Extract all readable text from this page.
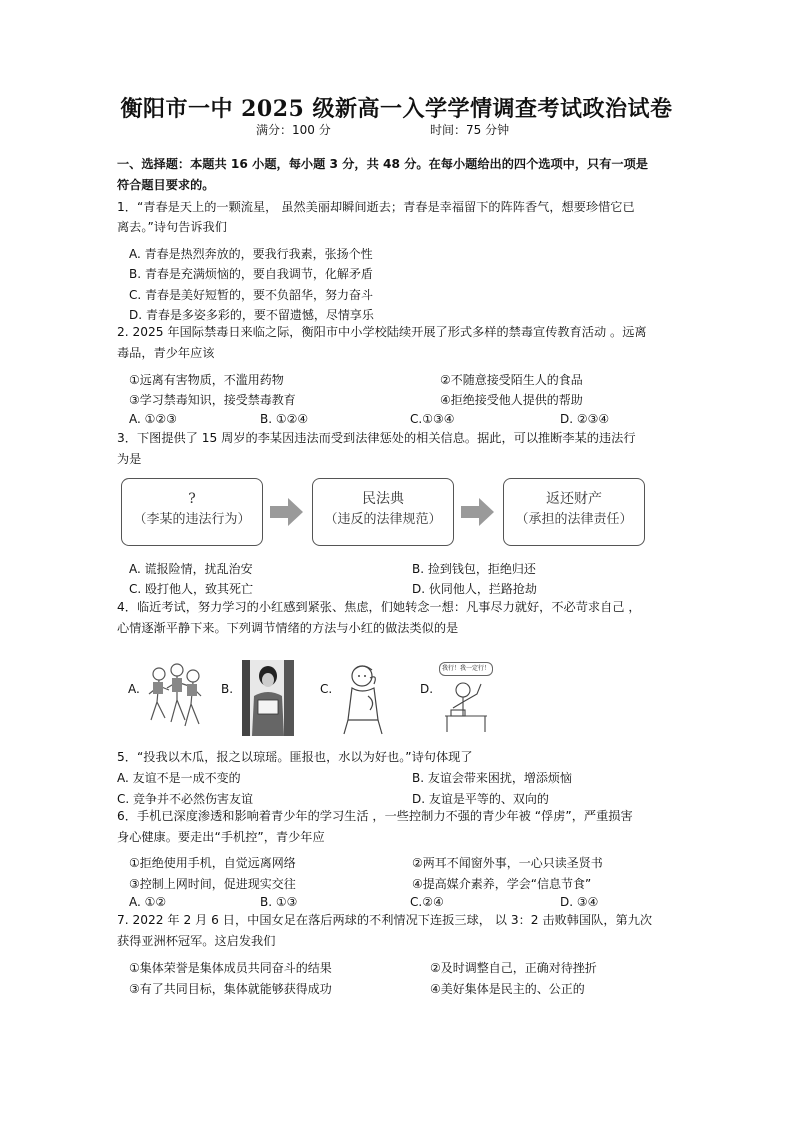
衡阳市一中 2025 级新高一入学学情调查考试政治试卷
满分：100 分	时间：75 分钟
一、选择题：本题共 16 小题，每小题 3 分，共 48 分。在每小题给出的四个选项中，只有一项是
符合题目要求的。
1．“青春是天上的一颗流星， 虽然美丽却瞬间逝去；青春是幸福留下的阵阵香气，想要珍惜它已
离去。”诗句告诉我们
A. 青春是热烈奔放的，要我行我素，张扬个性
B. 青春是充满烦恼的，要自我调节，化解矛盾
C. 青春是美好短暂的，要不负韶华，努力奋斗
D. 青春是多姿多彩的，要不留遗憾，尽情享乐
2. 2025 年国际禁毒日来临之际，衡阳市中小学校陆续开展了形式多样的禁毒宣传教育活动 。远离
毒品，青少年应该
①远离有害物质，不滥用药物	②不随意接受陌生人的食品
③学习禁毒知识，接受禁毒教育	④拒绝接受他人提供的帮助
A. ①②③	B. ①②④	C.①③④	D. ②③④
3．下图提供了 15 周岁的李某因违法而受到法律惩处的相关信息。据此，可以推断李某的违法行
为是
?
（李某的违法行为）
民法典
（违反的法律规范）
返还财产
（承担的法律责任）
A. 谎报险情，扰乱治安	B. 捡到钱包，拒绝归还
C. 殴打他人，致其死亡	D. 伙同他人，拦路抢劫
4．临近考试，努力学习的小红感到紧张、焦虑，们她转念一想：凡事尽力就好，不必苛求自己 ，
心情逐渐平静下来。下列调节情绪的方法与小红的做法类似的是
A.	B.	C.	D.
我行！我一定行！
5．“投我以木瓜，报之以琼瑶。匪报也，水以为好也。”诗句体现了
A. 友谊不是一成不变的	B. 友谊会带来困扰，增添烦恼
C. 竞争并不必然伤害友谊	D. 友谊是平等的、双向的
6．手机已深度渗透和影响着青少年的学习生活 ，一些控制力不强的青少年被 “俘虏”，严重损害
身心健康。要走出“手机控”，青少年应
①拒绝使用手机，自觉远离网络	②两耳不闻窗外事，一心只读圣贤书
③控制上网时间，促进现实交往	④提高媒介素养，学会“信息节食”
A. ①②	B. ①③	C.②④	D. ③④
7. 2022 年 2 月 6 日，中国女足在落后两球的不利情况下连扳三球， 以 3：2 击败韩国队，第九次
获得亚洲杯冠军。这启发我们
①集体荣誉是集体成员共同奋斗的结果	②及时调整自己，正确对待挫折
③有了共同目标，集体就能够获得成功	④美好集体是民主的、公正的
